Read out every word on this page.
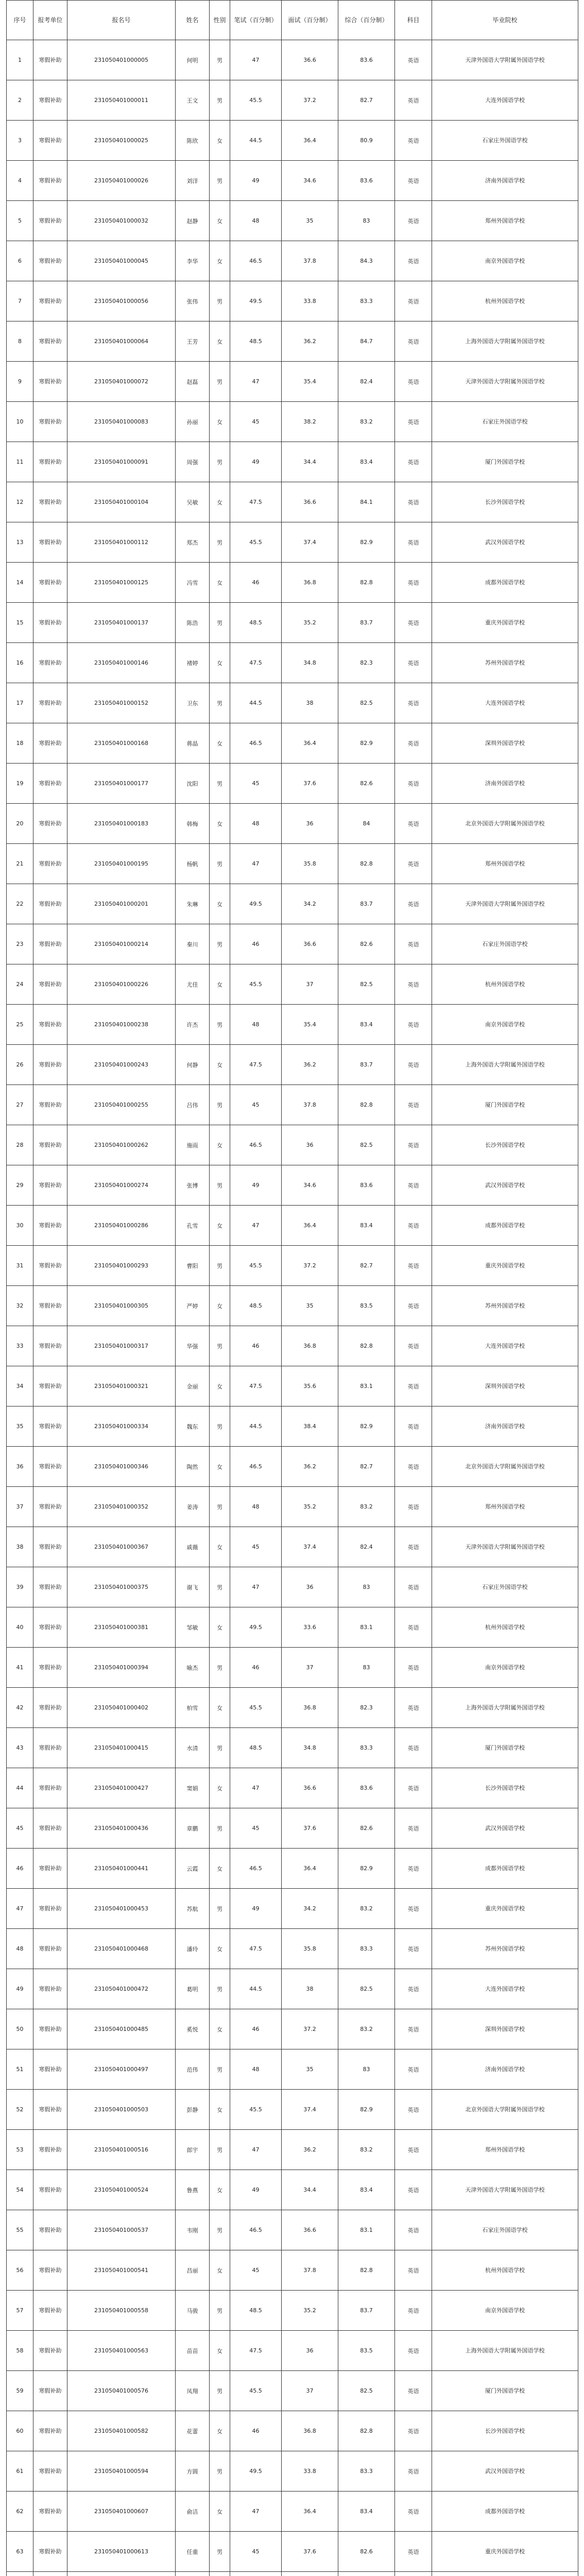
序号	报考单位	报名号	姓名	性别	笔试（百分制）	面试（百分制）	综合（百分制）	科目	毕业院校
1	寒假补助	231050401000005	何明	男	47	36.6	83.6	英语	天津外国语大学附属外国语学校
2	寒假补助	231050401000011	王文	男	45.5	37.2	82.7	英语	大连外国语学校
3	寒假补助	231050401000025	陈欣	女	44.5	36.4	80.9	英语	石家庄外国语学校
4	寒假补助	231050401000026	刘洋	男	49	34.6	83.6	英语	济南外国语学校
5	寒假补助	231050401000032	赵静	女	48	35	83	英语	郑州外国语学校
6	寒假补助	231050401000045	李华	女	46.5	37.8	84.3	英语	南京外国语学校
7	寒假补助	231050401000056	张伟	男	49.5	33.8	83.3	英语	杭州外国语学校
8	寒假补助	231050401000064	王芳	女	48.5	36.2	84.7	英语	上海外国语大学附属外国语学校
9	寒假补助	231050401000072	赵磊	男	47	35.4	82.4	英语	天津外国语大学附属外国语学校
10	寒假补助	231050401000083	孙丽	女	45	38.2	83.2	英语	石家庄外国语学校
11	寒假补助	231050401000091	周强	男	49	34.4	83.4	英语	厦门外国语学校
12	寒假补助	231050401000104	吴敏	女	47.5	36.6	84.1	英语	长沙外国语学校
13	寒假补助	231050401000112	郑杰	男	45.5	37.4	82.9	英语	武汉外国语学校
14	寒假补助	231050401000125	冯雪	女	46	36.8	82.8	英语	成都外国语学校
15	寒假补助	231050401000137	陈浩	男	48.5	35.2	83.7	英语	重庆外国语学校
16	寒假补助	231050401000146	褚婷	女	47.5	34.8	82.3	英语	苏州外国语学校
17	寒假补助	231050401000152	卫东	男	44.5	38	82.5	英语	大连外国语学校
18	寒假补助	231050401000168	蒋晶	女	46.5	36.4	82.9	英语	深圳外国语学校
19	寒假补助	231050401000177	沈阳	男	45	37.6	82.6	英语	济南外国语学校
20	寒假补助	231050401000183	韩梅	女	48	36	84	英语	北京外国语大学附属外国语学校
21	寒假补助	231050401000195	杨帆	男	47	35.8	82.8	英语	郑州外国语学校
22	寒假补助	231050401000201	朱琳	女	49.5	34.2	83.7	英语	天津外国语大学附属外国语学校
23	寒假补助	231050401000214	秦川	男	46	36.6	82.6	英语	石家庄外国语学校
24	寒假补助	231050401000226	尤佳	女	45.5	37	82.5	英语	杭州外国语学校
25	寒假补助	231050401000238	许杰	男	48	35.4	83.4	英语	南京外国语学校
26	寒假补助	231050401000243	何静	女	47.5	36.2	83.7	英语	上海外国语大学附属外国语学校
27	寒假补助	231050401000255	吕伟	男	45	37.8	82.8	英语	厦门外国语学校
28	寒假补助	231050401000262	施雨	女	46.5	36	82.5	英语	长沙外国语学校
29	寒假补助	231050401000274	张博	男	49	34.6	83.6	英语	武汉外国语学校
30	寒假补助	231050401000286	孔雪	女	47	36.4	83.4	英语	成都外国语学校
31	寒假补助	231050401000293	曹阳	男	45.5	37.2	82.7	英语	重庆外国语学校
32	寒假补助	231050401000305	严婷	女	48.5	35	83.5	英语	苏州外国语学校
33	寒假补助	231050401000317	华强	男	46	36.8	82.8	英语	大连外国语学校
34	寒假补助	231050401000321	金丽	女	47.5	35.6	83.1	英语	深圳外国语学校
35	寒假补助	231050401000334	魏东	男	44.5	38.4	82.9	英语	济南外国语学校
36	寒假补助	231050401000346	陶然	女	46.5	36.2	82.7	英语	北京外国语大学附属外国语学校
37	寒假补助	231050401000352	姜涛	男	48	35.2	83.2	英语	郑州外国语学校
38	寒假补助	231050401000367	戚薇	女	45	37.4	82.4	英语	天津外国语大学附属外国语学校
39	寒假补助	231050401000375	谢飞	男	47	36	83	英语	石家庄外国语学校
40	寒假补助	231050401000381	邹敏	女	49.5	33.6	83.1	英语	杭州外国语学校
41	寒假补助	231050401000394	喻杰	男	46	37	83	英语	南京外国语学校
42	寒假补助	231050401000402	柏雪	女	45.5	36.8	82.3	英语	上海外国语大学附属外国语学校
43	寒假补助	231050401000415	水清	男	48.5	34.8	83.3	英语	厦门外国语学校
44	寒假补助	231050401000427	窦娟	女	47	36.6	83.6	英语	长沙外国语学校
45	寒假补助	231050401000436	章鹏	男	45	37.6	82.6	英语	武汉外国语学校
46	寒假补助	231050401000441	云霞	女	46.5	36.4	82.9	英语	成都外国语学校
47	寒假补助	231050401000453	苏航	男	49	34.2	83.2	英语	重庆外国语学校
48	寒假补助	231050401000468	潘玲	女	47.5	35.8	83.3	英语	苏州外国语学校
49	寒假补助	231050401000472	葛明	男	44.5	38	82.5	英语	大连外国语学校
50	寒假补助	231050401000485	奚悦	女	46	37.2	83.2	英语	深圳外国语学校
51	寒假补助	231050401000497	范伟	男	48	35	83	英语	济南外国语学校
52	寒假补助	231050401000503	彭静	女	45.5	37.4	82.9	英语	北京外国语大学附属外国语学校
53	寒假补助	231050401000516	郎宇	男	47	36.2	83.2	英语	郑州外国语学校
54	寒假补助	231050401000524	鲁燕	女	49	34.4	83.4	英语	天津外国语大学附属外国语学校
55	寒假补助	231050401000537	韦刚	男	46.5	36.6	83.1	英语	石家庄外国语学校
56	寒假补助	231050401000541	昌丽	女	45	37.8	82.8	英语	杭州外国语学校
57	寒假补助	231050401000558	马骏	男	48.5	35.2	83.7	英语	南京外国语学校
58	寒假补助	231050401000563	苗苗	女	47.5	36	83.5	英语	上海外国语大学附属外国语学校
59	寒假补助	231050401000576	凤翔	男	45.5	37	82.5	英语	厦门外国语学校
60	寒假补助	231050401000582	花蕾	女	46	36.8	82.8	英语	长沙外国语学校
61	寒假补助	231050401000594	方圆	男	49.5	33.8	83.3	英语	武汉外国语学校
62	寒假补助	231050401000607	俞洁	女	47	36.4	83.4	英语	成都外国语学校
63	寒假补助	231050401000613	任重	男	45	37.6	82.6	英语	重庆外国语学校
